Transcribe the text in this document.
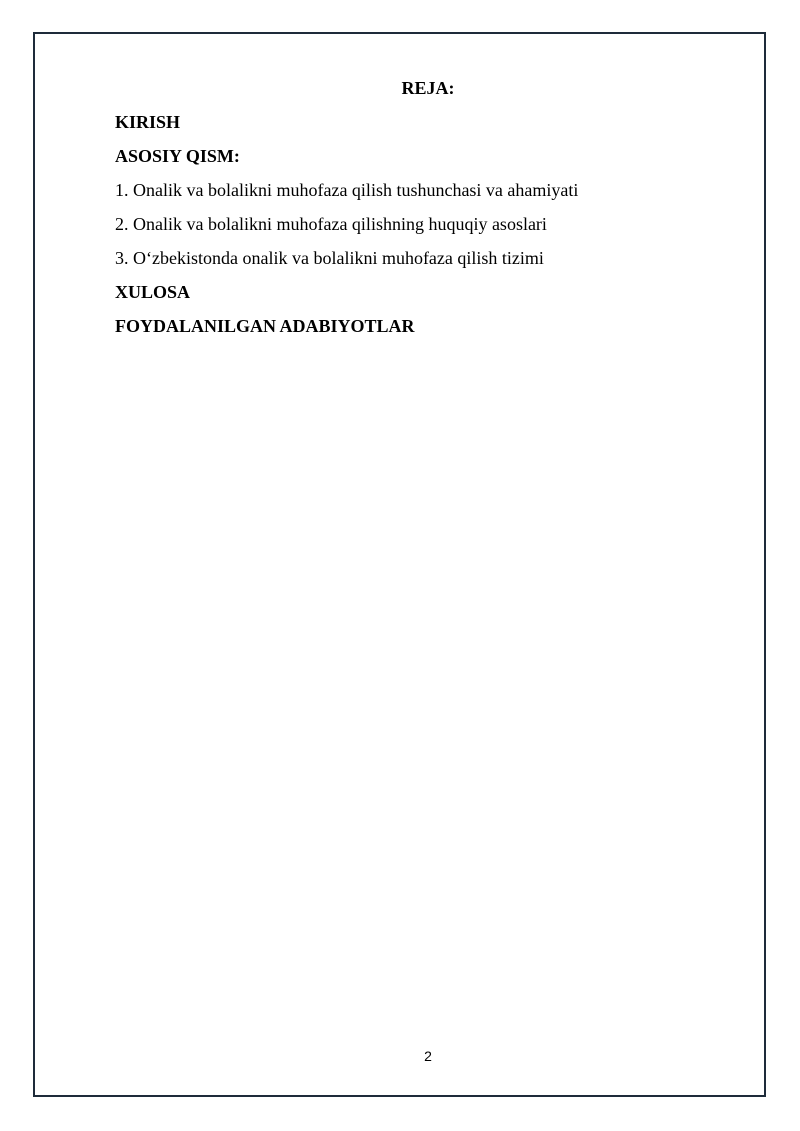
REJA:
KIRISH
ASOSIY QISM:
1. Onalik va bolalikni muhofaza qilish tushunchasi va ahamiyati
2. Onalik va bolalikni muhofaza qilishning huquqiy asoslari
3. O‘zbekistonda onalik va bolalikni muhofaza qilish tizimi
XULOSA
FOYDALANILGAN ADABIYOTLAR
2
